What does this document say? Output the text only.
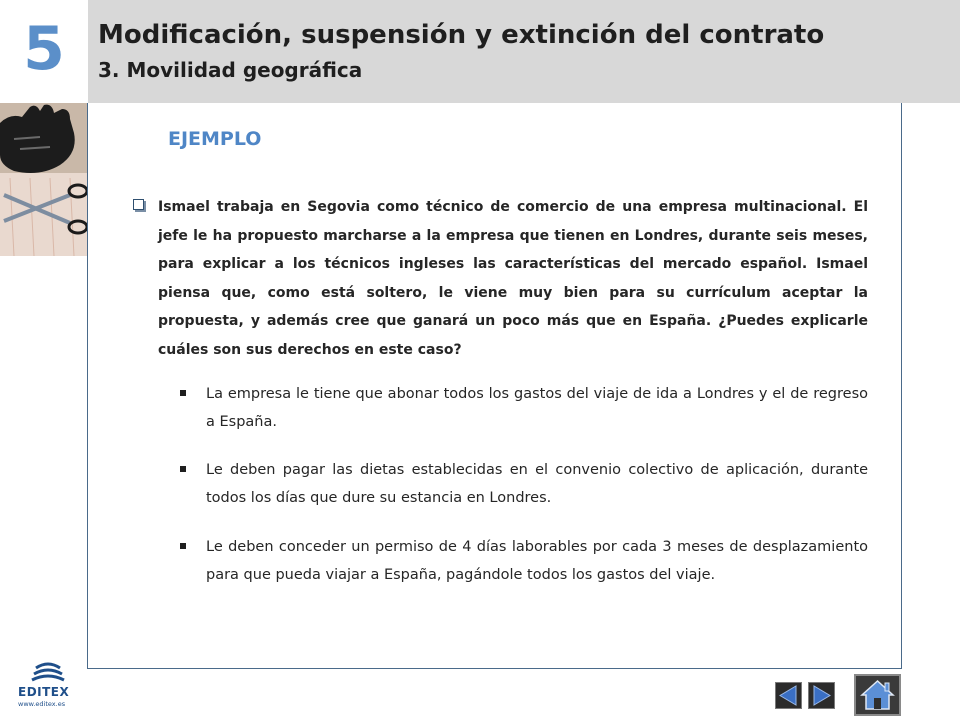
5	Modificación, suspensión y extinción del contrato
3. Movilidad geográfica
EJEMPLO
Ismael trabaja en Segovia como técnico de comercio de una empresa multinacional. El jefe le ha propuesto marcharse a la empresa que tienen en Londres, durante seis meses, para explicar a los técnicos ingleses las características del mercado español. Ismael piensa que, como está soltero, le viene muy bien para su currículum aceptar la propuesta, y además cree que ganará un poco más que en España. ¿Puedes explicarle cuáles son sus derechos en este caso?
La empresa le tiene que abonar todos los gastos del viaje de ida a Londres y el de regreso a España.
Le deben pagar las dietas establecidas en el convenio colectivo de aplicación, durante todos los días que dure su estancia en Londres.
Le deben conceder un permiso de 4 días laborables por cada 3 meses de desplazamiento para que pueda viajar a España, pagándole todos los gastos del viaje.
EDITEX
www.editex.es
